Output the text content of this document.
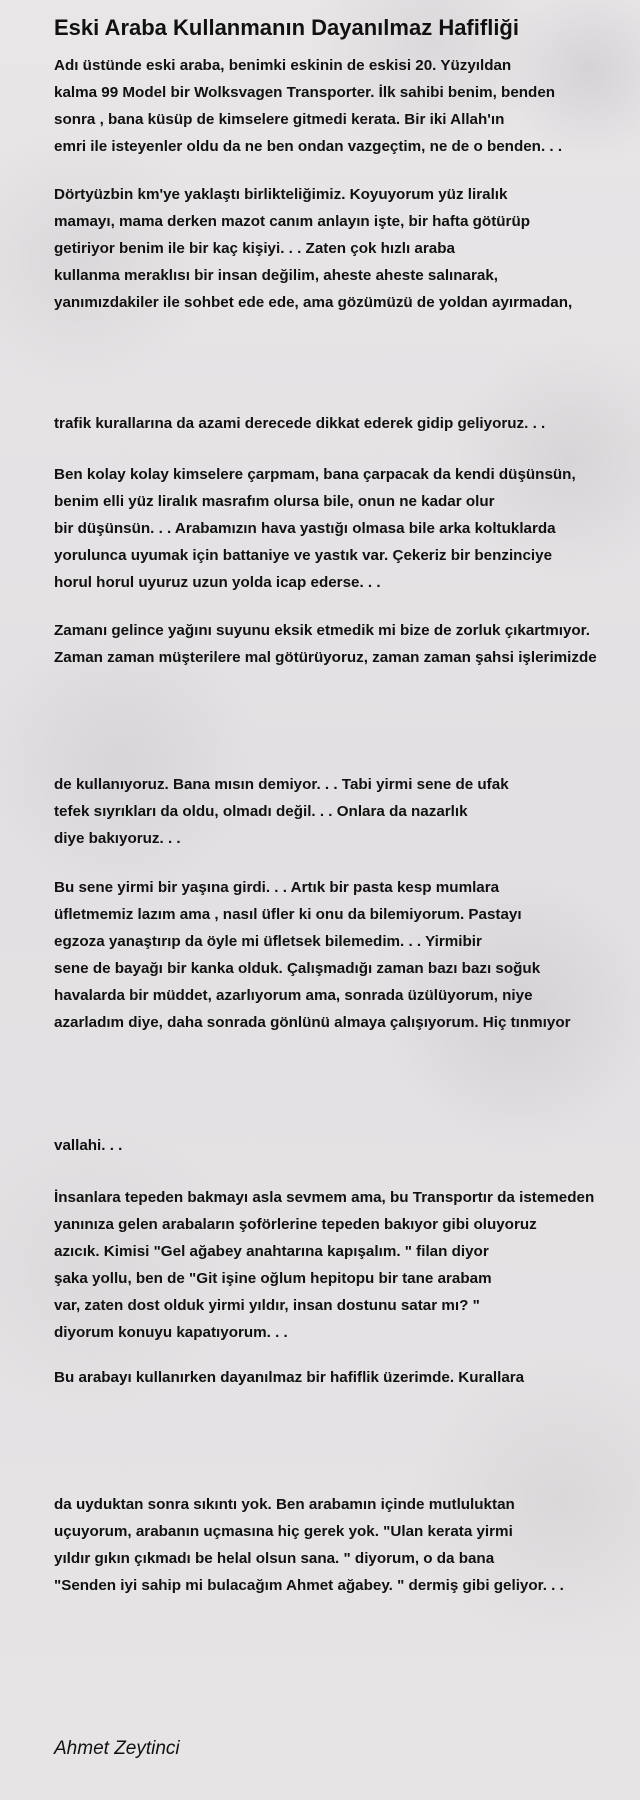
Eski Araba Kullanmanın Dayanılmaz Hafifliği

Adı üstünde eski araba, benimki eskinin de eskisi 20. Yüzyıldan
kalma 99 Model bir Wolksvagen Transporter. İlk sahibi benim, benden
sonra , bana küsüp de kimselere gitmedi kerata. Bir iki Allah'ın
emri ile isteyenler oldu da ne ben ondan vazgeçtim, ne de o benden. . .

Dörtyüzbin km'ye yaklaştı birlikteliğimiz. Koyuyorum yüz liralık
mamayı, mama derken mazot canım anlayın işte, bir hafta götürüp
getiriyor benim ile bir kaç kişiyi. . . Zaten çok hızlı araba
kullanma meraklısı bir insan değilim, aheste aheste salınarak,
yanımızdakiler ile sohbet ede ede, ama gözümüzü de yoldan ayırmadan,

trafik kurallarına da azami derecede dikkat ederek gidip geliyoruz. . .

Ben kolay kolay kimselere çarpmam, bana çarpacak da kendi düşünsün,
benim elli yüz liralık masrafım olursa bile, onun ne kadar olur
bir düşünsün. . . Arabamızın hava yastığı olmasa bile arka koltuklarda
yorulunca uyumak için battaniye ve yastık var. Çekeriz bir benzinciye
horul horul uyuruz uzun yolda icap ederse. . .

Zamanı gelince yağını suyunu eksik etmedik mi bize de zorluk çıkartmıyor.
Zaman zaman müşterilere mal götürüyoruz, zaman zaman şahsi işlerimizde

de kullanıyoruz. Bana mısın demiyor. . . Tabi yirmi sene de ufak
tefek sıyrıkları da oldu, olmadı değil. . . Onlara da nazarlık
diye bakıyoruz. . .

Bu sene yirmi bir yaşına girdi. . . Artık bir pasta kesp mumlara
üfletmemiz lazım ama , nasıl üfler ki onu da bilemiyorum. Pastayı
egzoza yanaştırıp da öyle mi üfletsek bilemedim. . . Yirmibir
sene de bayağı bir kanka olduk. Çalışmadığı zaman bazı bazı soğuk
havalarda bir müddet, azarlıyorum ama, sonrada üzülüyorum, niye
azarladım diye, daha sonrada gönlünü almaya çalışıyorum. Hiç tınmıyor

vallahi. . .

İnsanlara tepeden bakmayı asla sevmem ama, bu Transportır da istemeden
yanınıza gelen arabaların şoförlerine tepeden bakıyor gibi oluyoruz
azıcık. Kimisi "Gel ağabey anahtarına kapışalım. " filan diyor
şaka yollu, ben de "Git işine oğlum hepitopu bir tane arabam
var, zaten dost olduk yirmi yıldır, insan dostunu satar mı? "
diyorum konuyu kapatıyorum. . .

Bu arabayı kullanırken dayanılmaz bir hafiflik üzerimde. Kurallara

da uyduktan sonra sıkıntı yok. Ben arabamın içinde mutluluktan
uçuyorum, arabanın uçmasına hiç gerek yok. "Ulan kerata yirmi
yıldır gıkın çıkmadı be helal olsun sana. " diyorum, o da bana
"Senden iyi sahip mi bulacağım Ahmet ağabey. " dermiş gibi geliyor. . .

Ahmet Zeytinci
